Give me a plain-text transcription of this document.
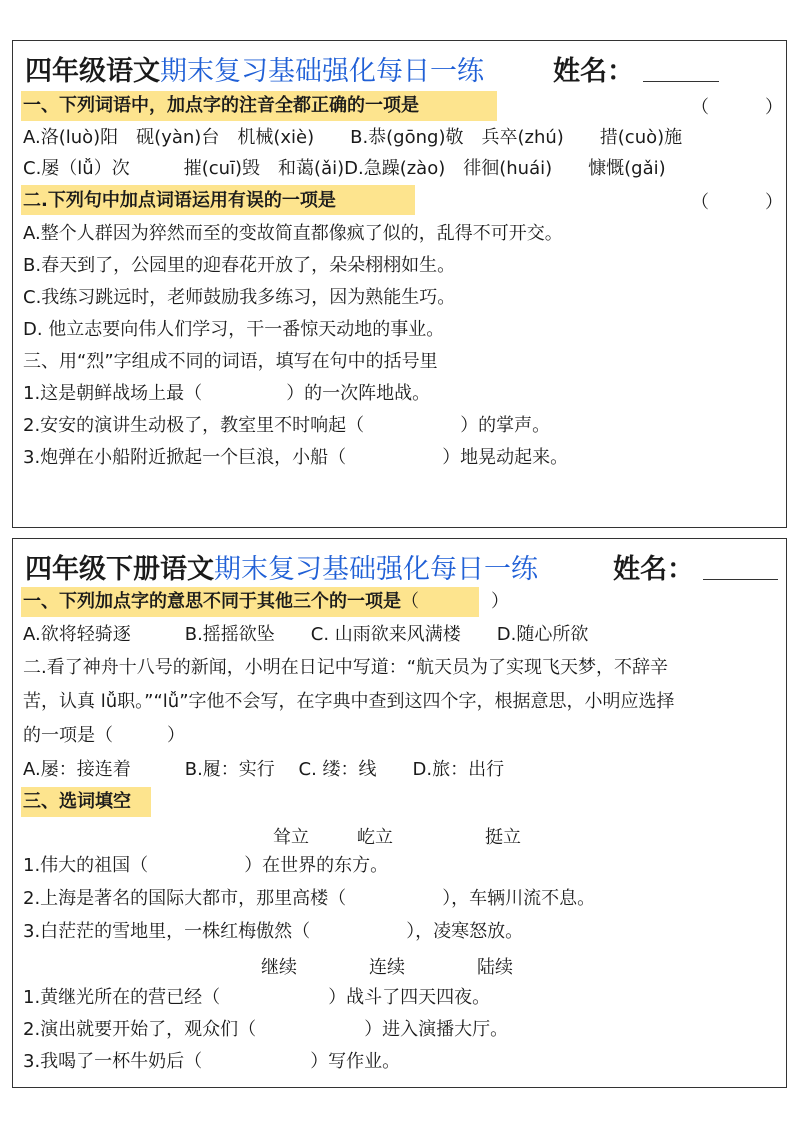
四年级语文期末复习基础强化每日一练	姓名：
一、下列词语中，加点字的注音全都正确的一项是	（	）
A.洛(luò)阳　砚(yàn)台　机械(xiè)　　B.恭(gōng)敬　兵卒(zhú)　　措(cuò)施
C.屡（lǚ）次　　　摧(cuī)毁　和蔼(ǎi)D.急躁(zào)　徘徊(huái)　　慷慨(gǎi)
二.下列句中加点词语运用有误的一项是	（	）
A.整个人群因为猝然而至的变故简直都像疯了似的，乱得不可开交。
B.春天到了，公园里的迎春花开放了，朵朵栩栩如生。
C.我练习跳远时，老师鼓励我多练习，因为熟能生巧。
D. 他立志要向伟人们学习，干一番惊天动地的事业。
三、用“烈”字组成不同的词语，填写在句中的括号里
1.这是朝鲜战场上最（	）的一次阵地战。
2.安安的演讲生动极了，教室里不时响起（	）的掌声。
3.炮弹在小船附近掀起一个巨浪，小船（	）地晃动起来。
四年级下册语文期末复习基础强化每日一练	姓名：
一、下列加点字的意思不同于其他三个的一项是（　　　　）
A.欲将轻骑逐　　　B.摇摇欲坠　　C. 山雨欲来风满楼　　D.随心所欲
二.看了神舟十八号的新闻，小明在日记中写道：“航天员为了实现飞天梦，不辞辛
苦，认真 lǚ职。”“lǚ”字他不会写，在字典中查到这四个字，根据意思，小明应选择
的一项是（　　　）
A.屡：接连着　　　B.履：实行　 C. 缕：线　　D.旅：出行
三、选词填空
耸立	屹立	挺立
1.伟大的祖国（	）在世界的东方。
2.上海是著名的国际大都市，那里高楼（	），车辆川流不息。
3.白茫茫的雪地里，一株红梅傲然（	），凌寒怒放。
继续	连续	陆续
1.黄继光所在的营已经（	）战斗了四天四夜。
2.演出就要开始了，观众们（	）进入演播大厅。
3.我喝了一杯牛奶后（	）写作业。
